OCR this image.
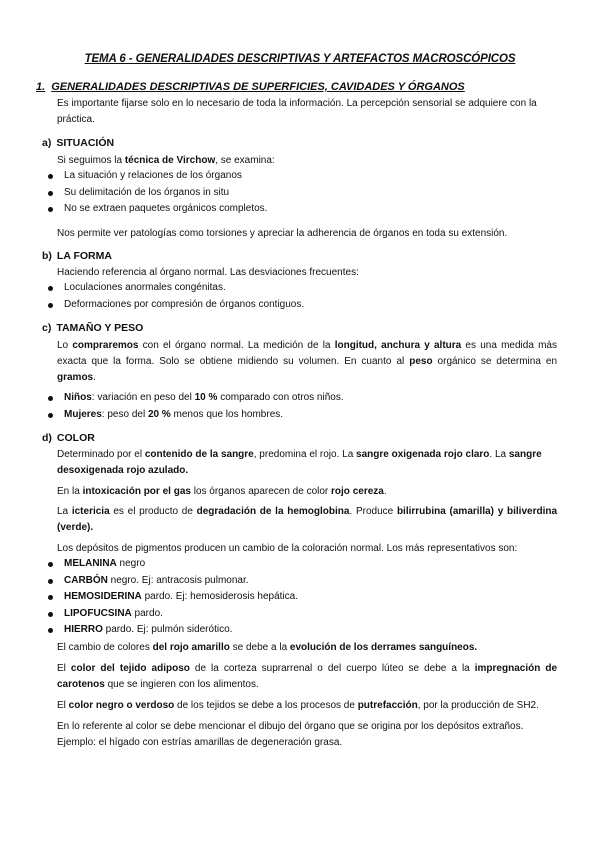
TEMA 6 - GENERALIDADES DESCRIPTIVAS Y ARTEFACTOS MACROSCÓPICOS
1. GENERALIDADES DESCRIPTIVAS DE SUPERFICIES, CAVIDADES Y ÓRGANOS
Es importante fijarse solo en lo necesario de toda la información. La percepción sensorial se adquiere con la práctica.
a) SITUACIÓN
Si seguimos la técnica de Virchow, se examina:
La situación y relaciones de los órganos
Su delimitación de los órganos in situ
No se extraen paquetes orgánicos completos.
Nos permite ver patologías como torsiones y apreciar la adherencia de órganos en toda su extensión.
b) LA FORMA
Haciendo referencia al órgano normal. Las desviaciones frecuentes:
Loculaciones anormales congénitas.
Deformaciones por compresión de órganos contiguos.
c) TAMAÑO Y PESO
Lo compraremos con el órgano normal. La medición de la longitud, anchura y altura es una medida más exacta que la forma. Solo se obtiene midiendo su volumen. En cuanto al peso orgánico se determina en gramos.
Niños: variación en peso del 10 % comparado con otros niños.
Mujeres: peso del 20 % menos que los hombres.
d) COLOR
Determinado por el contenido de la sangre, predomina el rojo. La sangre oxigenada rojo claro. La sangre desoxigenada rojo azulado.
En la intoxicación por el gas los órganos aparecen de color rojo cereza.
La ictericia es el producto de degradación de la hemoglobina. Produce bilirrubina (amarilla) y biliverdina (verde).
Los depósitos de pigmentos producen un cambio de la coloración normal. Los más representativos son:
MELANINA negro
CARBÓN negro. Ej: antracosis pulmonar.
HEMOSIDERINA pardo. Ej: hemosiderosis hepática.
LIPOFUCSINA pardo.
HIERRO pardo. Ej: pulmón siderótico.
El cambio de colores del rojo amarillo se debe a la evolución de los derrames sanguíneos.
El color del tejido adiposo de la corteza suprarrenal o del cuerpo lúteo se debe a la impregnación de carotenos que se ingieren con los alimentos.
El color negro o verdoso de los tejidos se debe a los procesos de putrefacción, por la producción de SH2.
En lo referente al color se debe mencionar el dibujo del órgano que se origina por los depósitos extraños. Ejemplo: el hígado con estrías amarillas de degeneración grasa.
